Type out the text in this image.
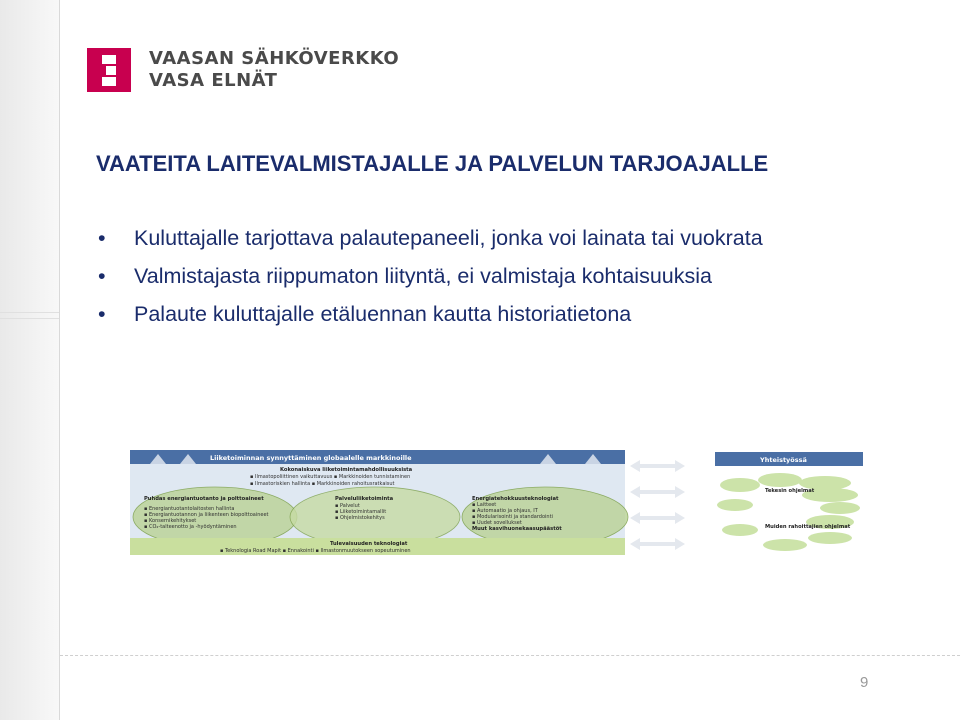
VAASAN SÄHKÖVERKKO
VASA ELNÄT
VAATEITA LAITEVALMISTAJALLE JA PALVELUN TARJOAJALLE
• Kuluttajalle tarjottava palautepaneeli, jonka voi lainata tai vuokrata
• Valmistajasta riippumaton liityntä, ei valmistaja kohtaisuuksia
• Palaute kuluttajalle etäluennan kautta historiatietona
Liiketoiminnan synnyttäminen globaalelle markkinoille
Kokonaiskuva liiketoimintamahdollisuuksista
▪ Ilmastopoliittinen vaikuttavuus ▪ Markkinoiden tunnistaminen
▪ Ilmastoriskien hallinta ▪ Markkinoiden rahoitusratkaisut
Puhdas energiantuotanto ja polttoaineet
▪ Energiantuotantolaitosten hallinta
▪ Energiantuotannon ja liikenteen biopolttoaineet
▪ Konsernikehitykset
▪ CO₂-talteenotto ja -hyödyntäminen
Palveluliiketoiminta
▪ Palvelut
▪ Liiketoimintamallit
▪ Ohjelmistokehitys
Energiatehokkuusteknologiat
▪ Laitteet
▪ Automaatio ja ohjaus, IT
▪ Modularisointi ja standardointi
▪ Uudet sovellukset
Muut kasvihuonekaasupäästöt
Tulevaisuuden teknologiat
▪ Teknologia Road Mapit ▪ Ennakointi ▪ Ilmastonmuutokseen sopeutuminen
Yhteistyössä
Tekesin ohjelmat
Muiden rahoittajien ohjelmat
9
